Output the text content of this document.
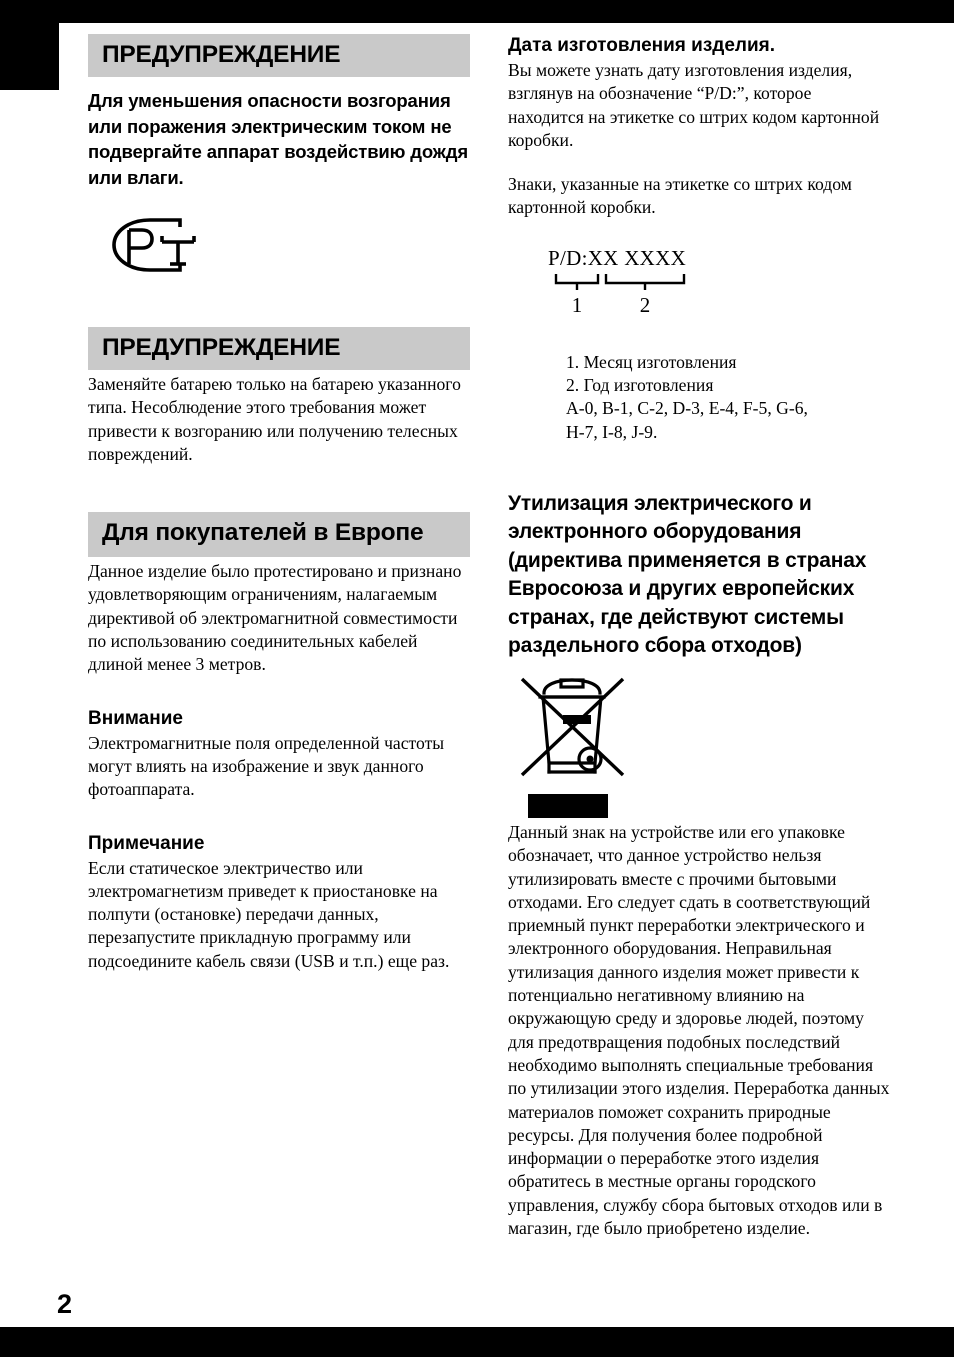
ПРЕДУПРЕЖДЕНИЕ

Для уменьшения опасности возгорания или поражения электрическим током не подвергайте аппарат воздействию дождя или влаги.

ПРЕДУПРЕЖДЕНИЕ

Заменяйте батарею только на батарею указанного типа. Несоблюдение этого требования может привести к возгоранию или получению телесных повреждений.

Для покупателей в Европе

Данное изделие было протестировано и признано удовлетворяющим ограничениям, налагаемым директивой об электромагнитной совместимости по использованию соединительных кабелей длиной менее 3 метров.

Внимание

Электромагнитные поля определенной частоты могут влиять на изображение и звук данного фотоаппарата.

Примечание

Если статическое электричество или электромагнетизм приведет к приостановке на полпути (остановке) передачи данных, перезапустите прикладную программу или подсоедините кабель связи (USB и т.п.) еще раз.

Дата изготовления изделия.

Вы можете узнать дату изготовления изделия, взглянув на обозначение “P/D:”, которое находится на этикетке со штрих кодом картонной коробки.

Знаки, указанные на этикетке со штрих кодом картонной коробки.

P/D:XX XXXX
1	2

1. Месяц изготовления

2. Год изготовления

A-0, B-1, C-2, D-3, E-4, F-5, G-6,

H-7, I-8, J-9.

Утилизация электрического и электронного оборудования (директива применяется в странах Евросоюза и других европейских странах, где действуют системы раздельного сбора отходов)

Данный знак на устройстве или его упаковке обозначает, что данное устройство нельзя утилизировать вместе с прочими бытовыми отходами. Его следует сдать в соответствующий приемный пункт переработки электрического и электронного оборудования. Неправильная утилизация данного изделия может привести к потенциально негативному влиянию на окружающую среду и здоровье людей, поэтому для предотвращения подобных последствий необходимо выполнять специальные требования по утилизации этого изделия. Переработка данных материалов поможет сохранить природные ресурсы. Для получения более подробной информации о переработке этого изделия обратитесь в местные органы городского управления, службу сбора бытовых отходов или в магазин, где было приобретено изделие.

2
